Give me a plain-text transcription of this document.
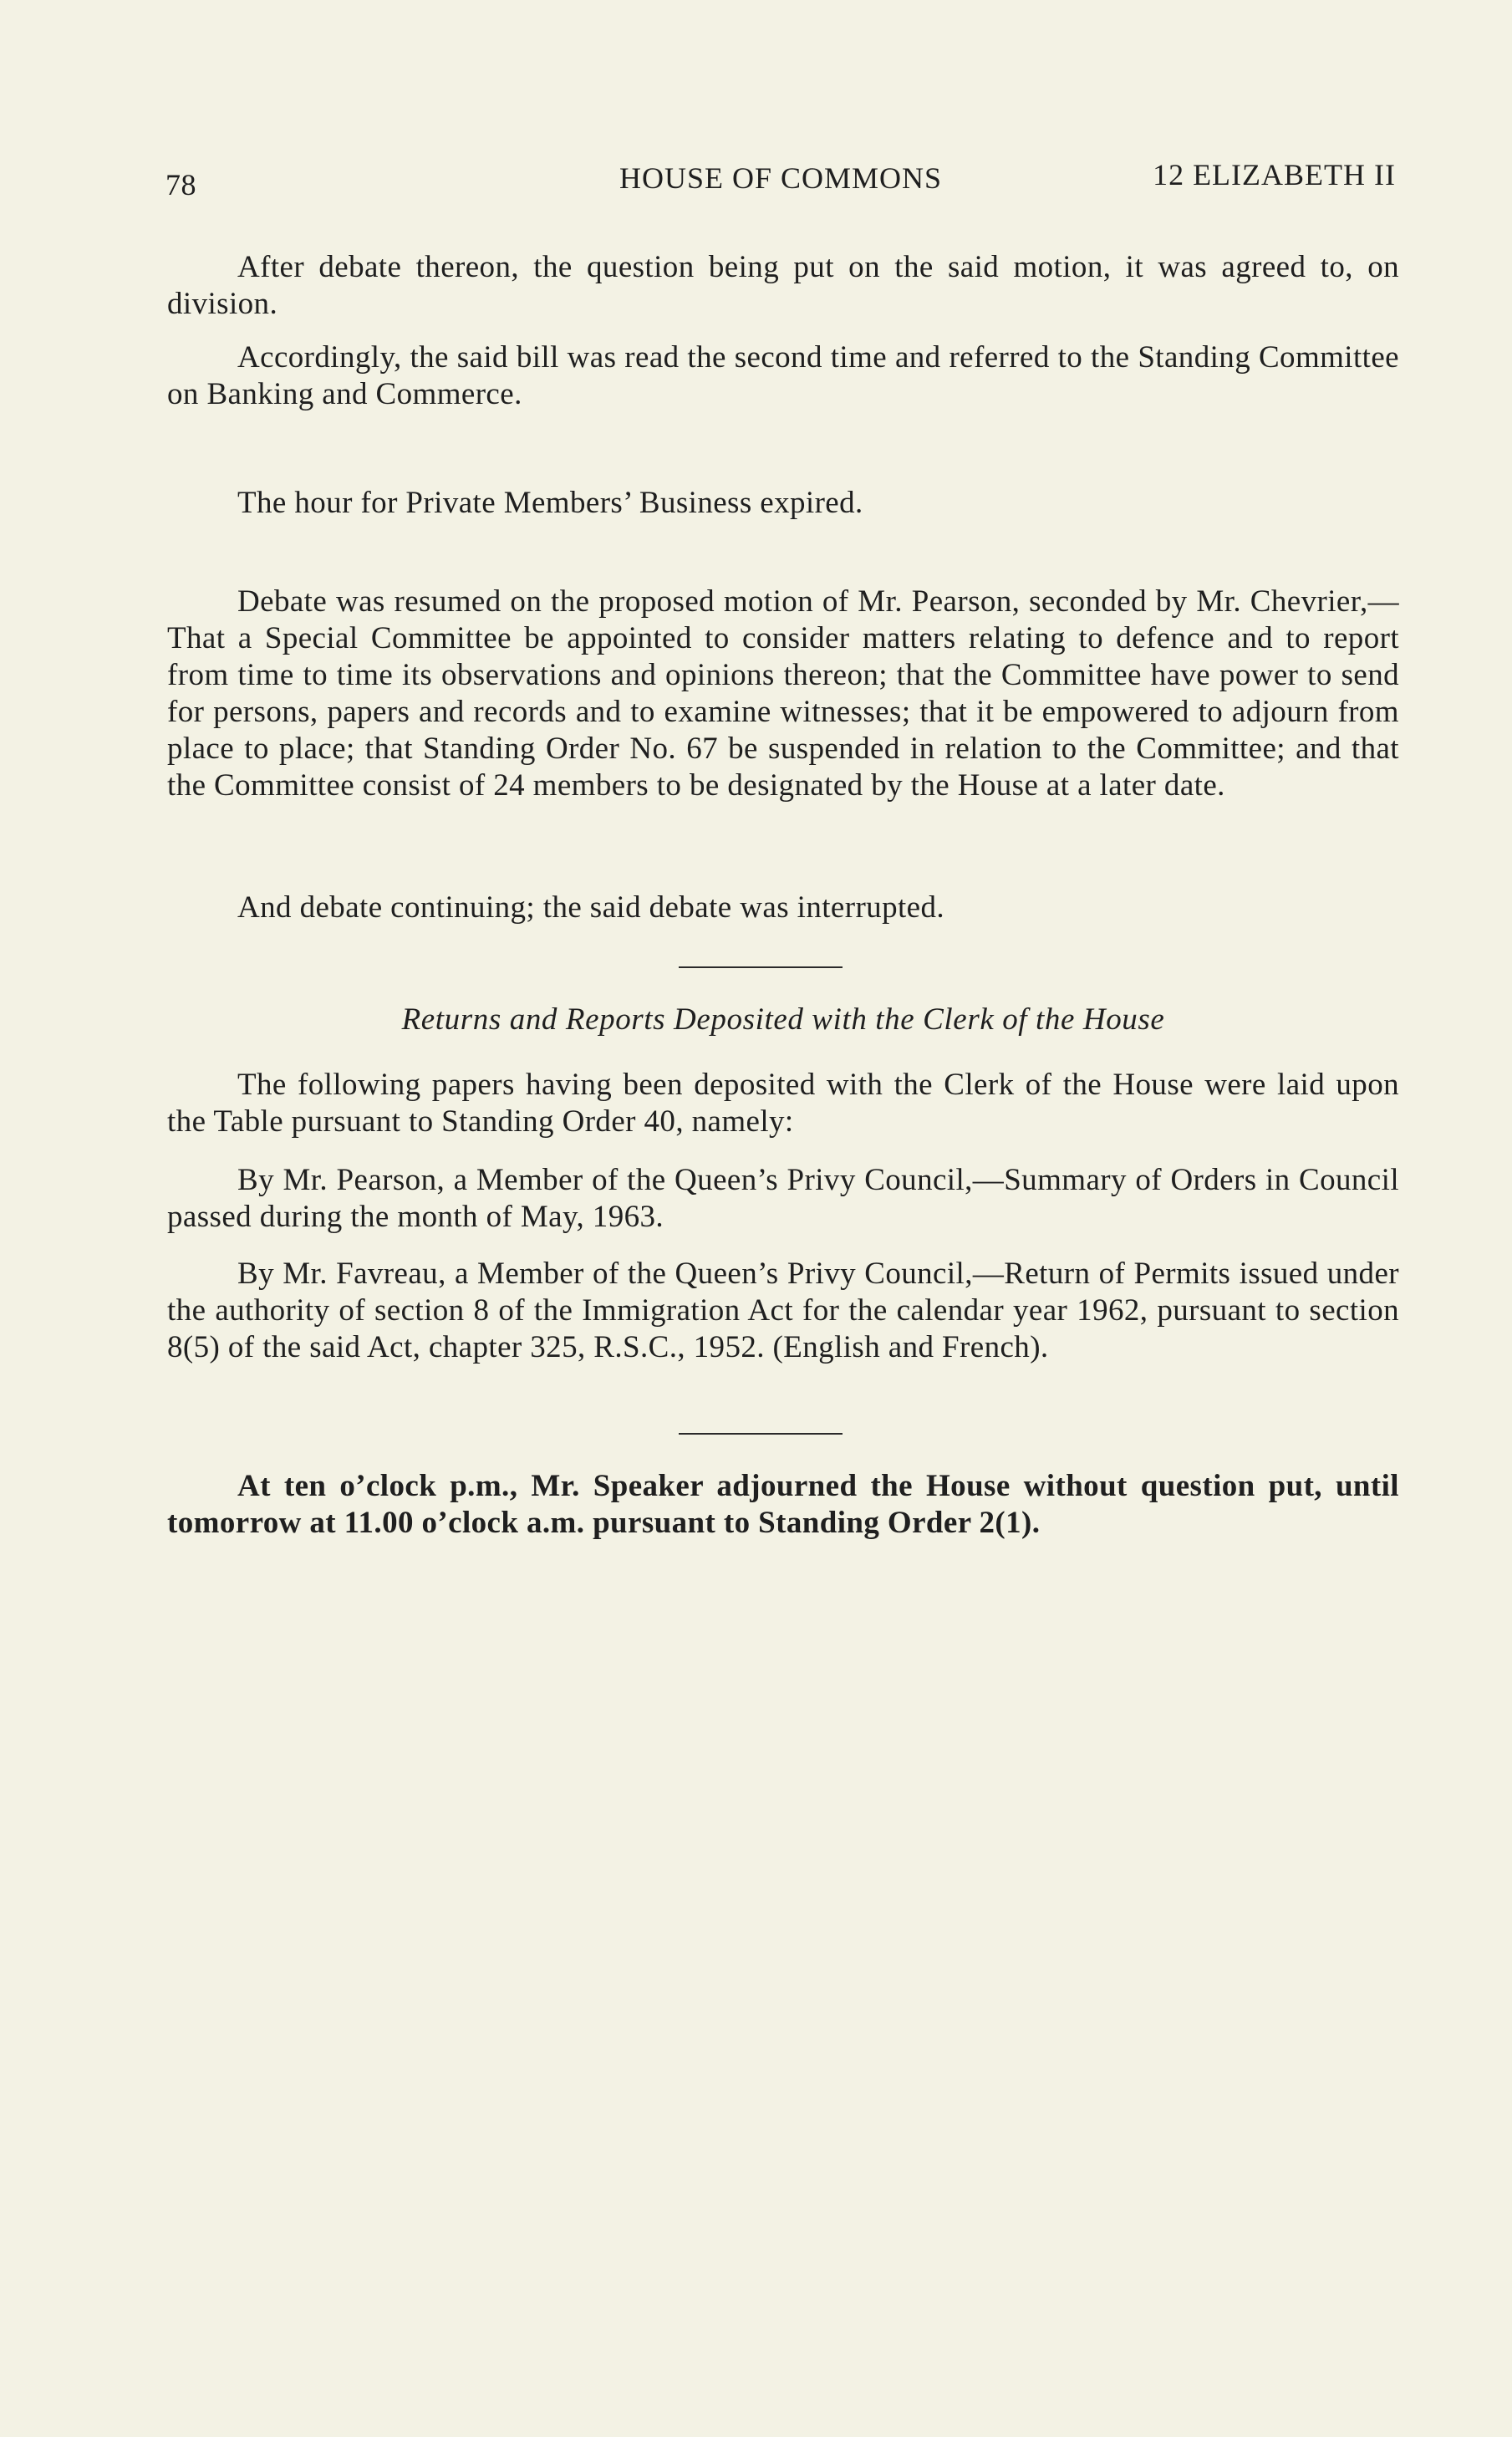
78	HOUSE OF COMMONS	12 ELIZABETH II

After debate thereon, the question being put on the said motion, it was agreed to, on division.

Accordingly, the said bill was read the second time and referred to the Standing Committee on Banking and Commerce.

The hour for Private Members’ Business expired.

Debate was resumed on the proposed motion of Mr. Pearson, seconded by Mr. Chevrier,—That a Special Committee be appointed to consider matters relating to defence and to report from time to time its observations and opinions thereon; that the Committee have power to send for persons, papers and records and to examine witnesses; that it be empowered to adjourn from place to place; that Standing Order No. 67 be suspended in relation to the Committee; and that the Committee consist of 24 members to be designated by the House at a later date.

And debate continuing; the said debate was interrupted.

Returns and Reports Deposited with the Clerk of the House

The following papers having been deposited with the Clerk of the House were laid upon the Table pursuant to Standing Order 40, namely:

By Mr. Pearson, a Member of the Queen’s Privy Council,—Summary of Orders in Council passed during the month of May, 1963.

By Mr. Favreau, a Member of the Queen’s Privy Council,—Return of Permits issued under the authority of section 8 of the Immigration Act for the calendar year 1962, pursuant to section 8(5) of the said Act, chapter 325, R.S.C., 1952. (English and French).

At ten o’clock p.m., Mr. Speaker adjourned the House without question put, until tomorrow at 11.00 o’clock a.m. pursuant to Standing Order 2(1).
